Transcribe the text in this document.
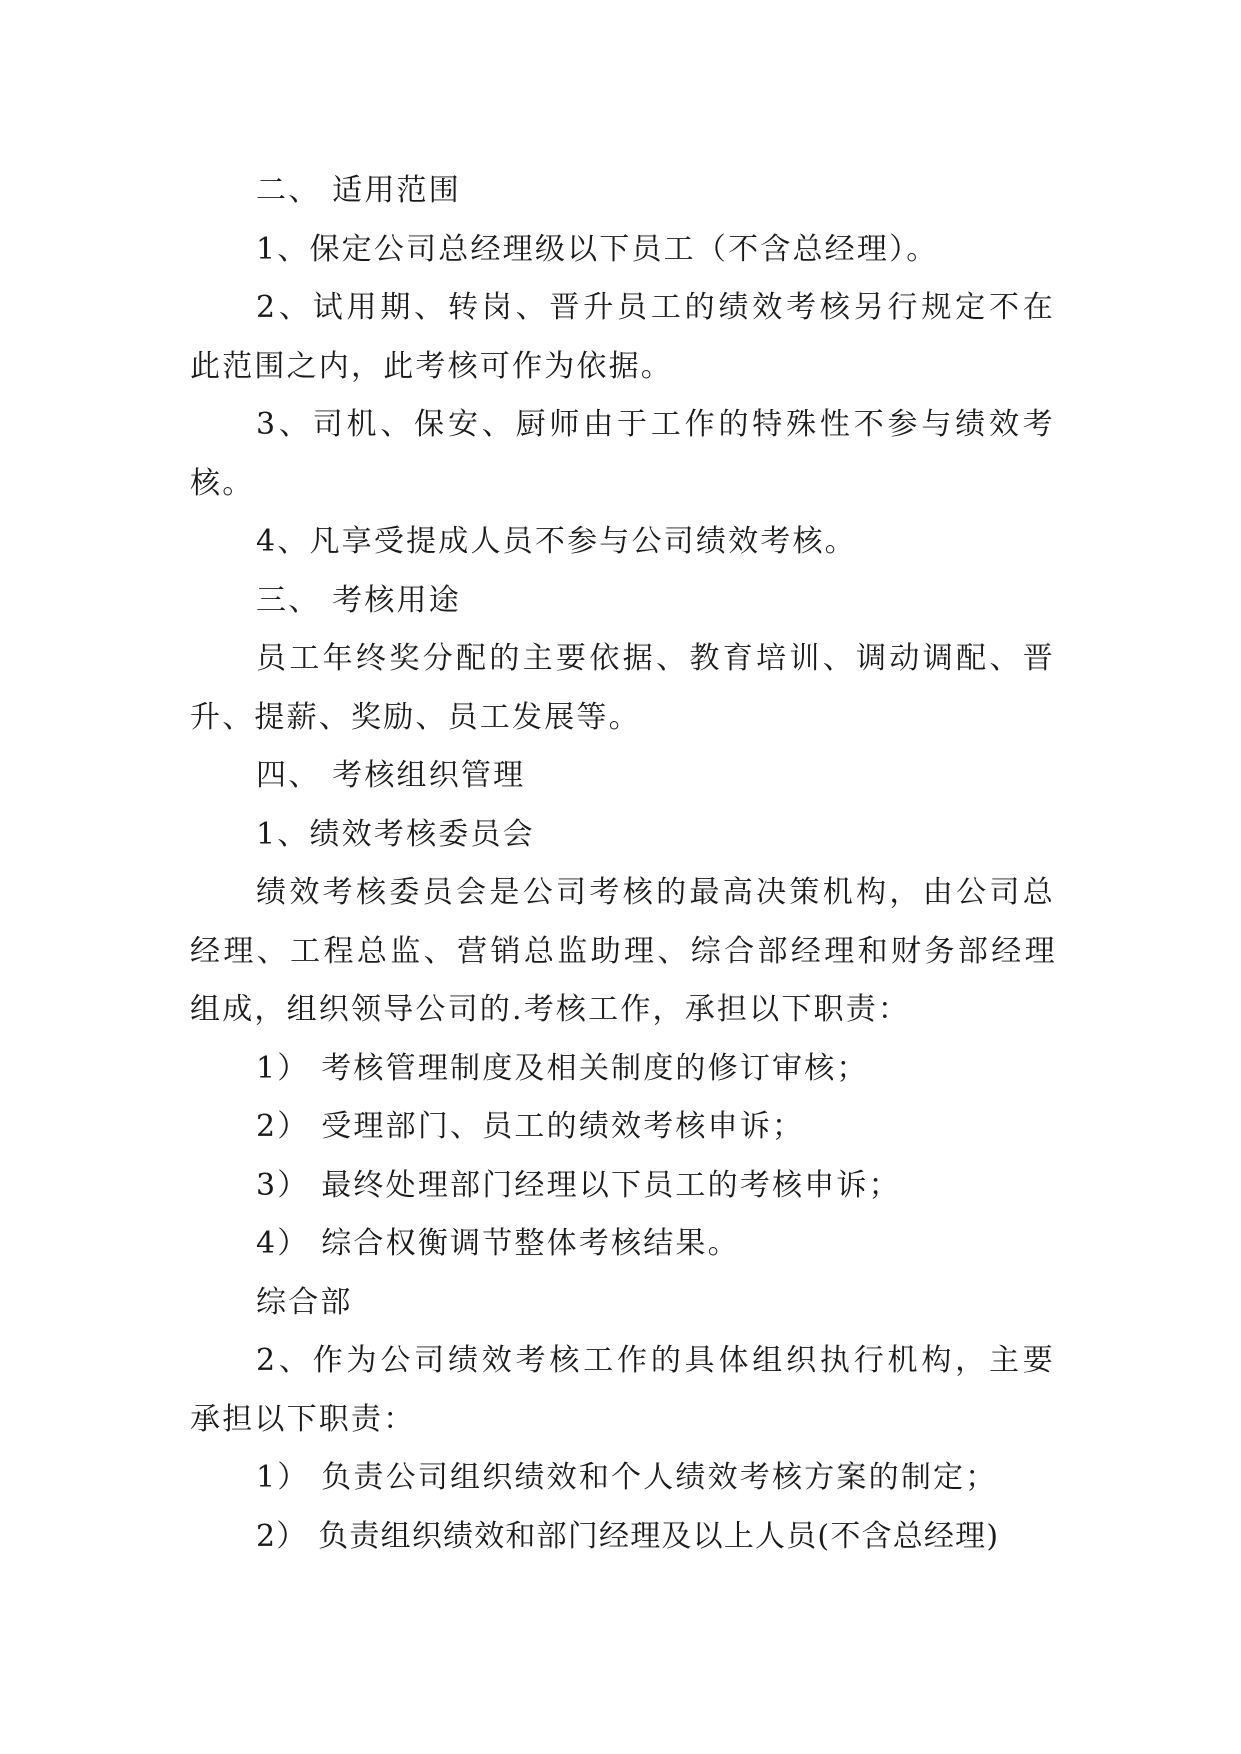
二、 适用范围
1、保定公司总经理级以下员工（不含总经理）。
2、试用期、转岗、晋升员工的绩效考核另行规定不在
此范围之内，此考核可作为依据。
3、司机、保安、厨师由于工作的特殊性不参与绩效考
核。
4、凡享受提成人员不参与公司绩效考核。
三、 考核用途
员工年终奖分配的主要依据、教育培训、调动调配、晋
升、提薪、奖励、员工发展等。
四、 考核组织管理
1、绩效考核委员会
绩效考核委员会是公司考核的最高决策机构，由公司总
经理、工程总监、营销总监助理、综合部经理和财务部经理
组成，组织领导公司的.考核工作，承担以下职责：
1） 考核管理制度及相关制度的修订审核；
2） 受理部门、员工的绩效考核申诉；
3） 最终处理部门经理以下员工的考核申诉；
4） 综合权衡调节整体考核结果。
综合部
2、作为公司绩效考核工作的具体组织执行机构，主要
承担以下职责：
1） 负责公司组织绩效和个人绩效考核方案的制定；
2） 负责组织绩效和部门经理及以上人员(不含总经理)
